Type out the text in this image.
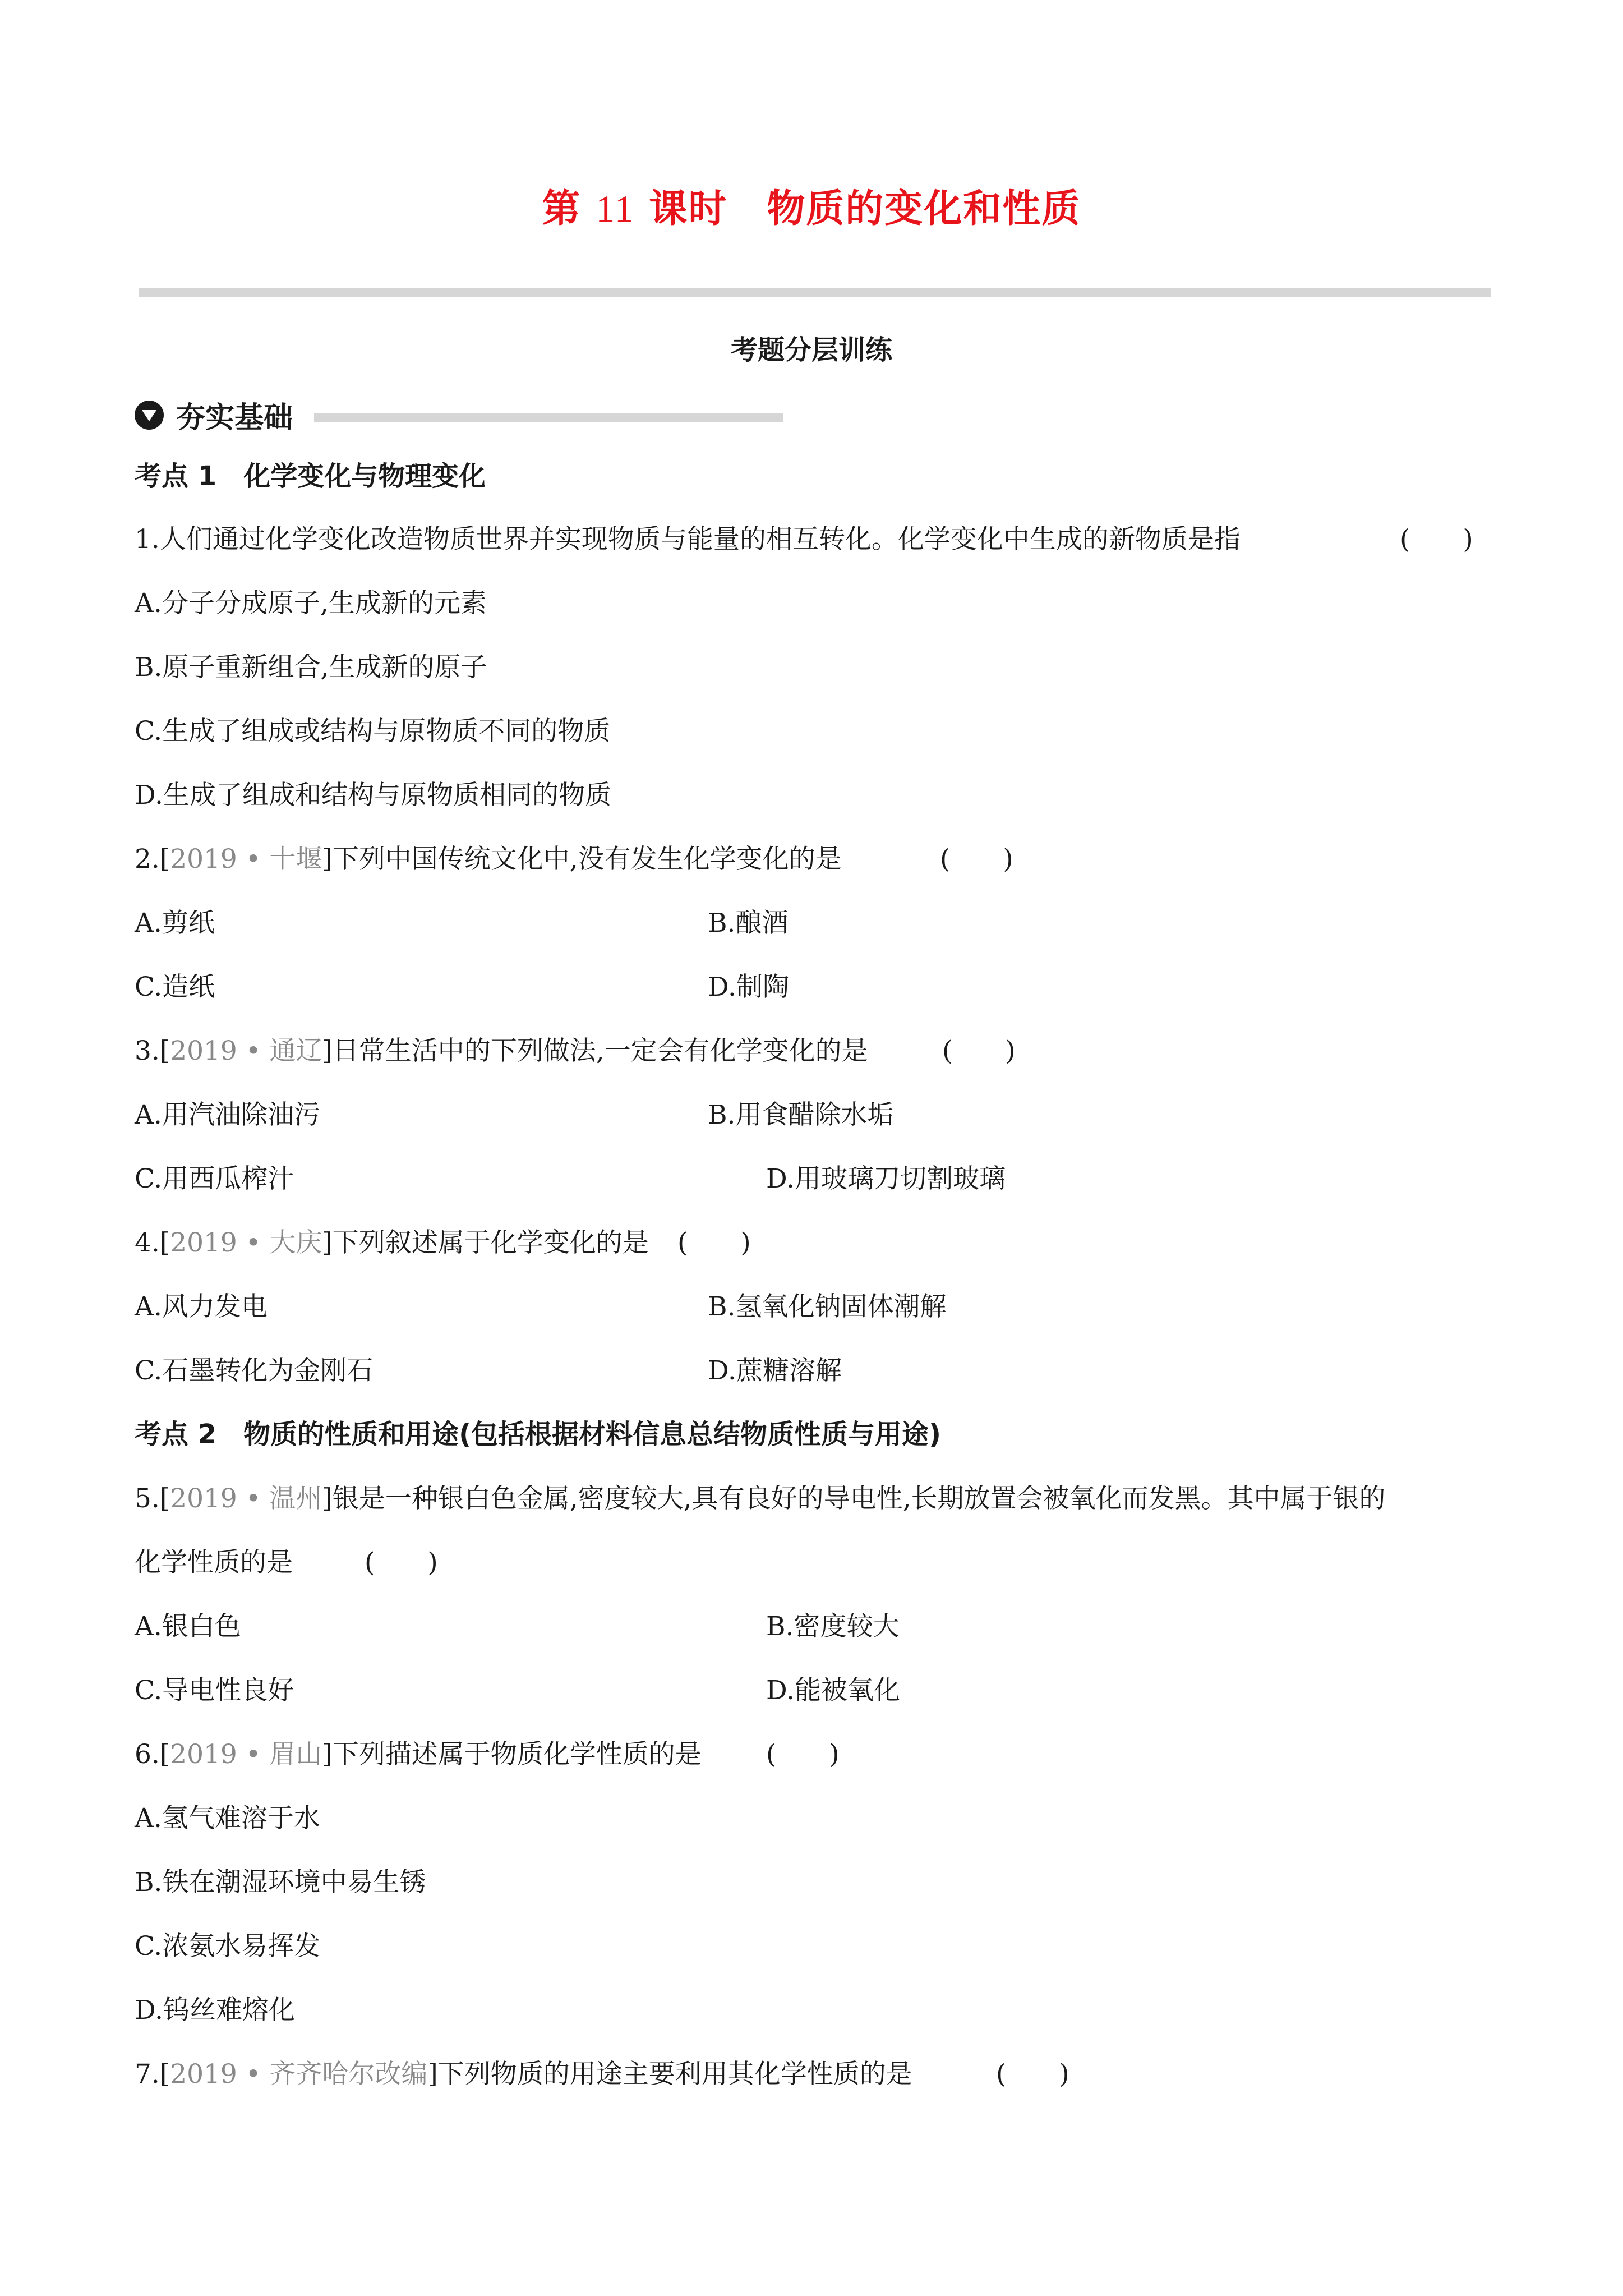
第 11 课时　物质的变化和性质
考题分层训练
夯实基础
考点 1　化学变化与物理变化
1.人们通过化学变化改造物质世界并实现物质与能量的相互转化。化学变化中生成的新物质是指	(　　)
A.分子分成原子,生成新的元素
B.原子重新组合,生成新的原子
C.生成了组成或结构与原物质不同的物质
D.生成了组成和结构与原物质相同的物质
2.[2019 • 十堰]下列中国传统文化中,没有发生化学变化的是	(　　)
A.剪纸	B.酿酒
C.造纸	D.制陶
3.[2019 • 通辽]日常生活中的下列做法,一定会有化学变化的是	(　　)
A.用汽油除油污	B.用食醋除水垢
C.用西瓜榨汁	D.用玻璃刀切割玻璃
4.[2019 • 大庆]下列叙述属于化学变化的是 (　　)
A.风力发电	B.氢氧化钠固体潮解
C.石墨转化为金刚石	D.蔗糖溶解
考点 2　物质的性质和用途(包括根据材料信息总结物质性质与用途)
5.[2019 • 温州]银是一种银白色金属,密度较大,具有良好的导电性,长期放置会被氧化而发黑。其中属于银的
化学性质的是	(　　)
A.银白色	B.密度较大
C.导电性良好	D.能被氧化
6.[2019 • 眉山]下列描述属于物质化学性质的是 (　　)
A.氢气难溶于水
B.铁在潮湿环境中易生锈
C.浓氨水易挥发
D.钨丝难熔化
7.[2019 • 齐齐哈尔改编]下列物质的用途主要利用其化学性质的是	(　　)
